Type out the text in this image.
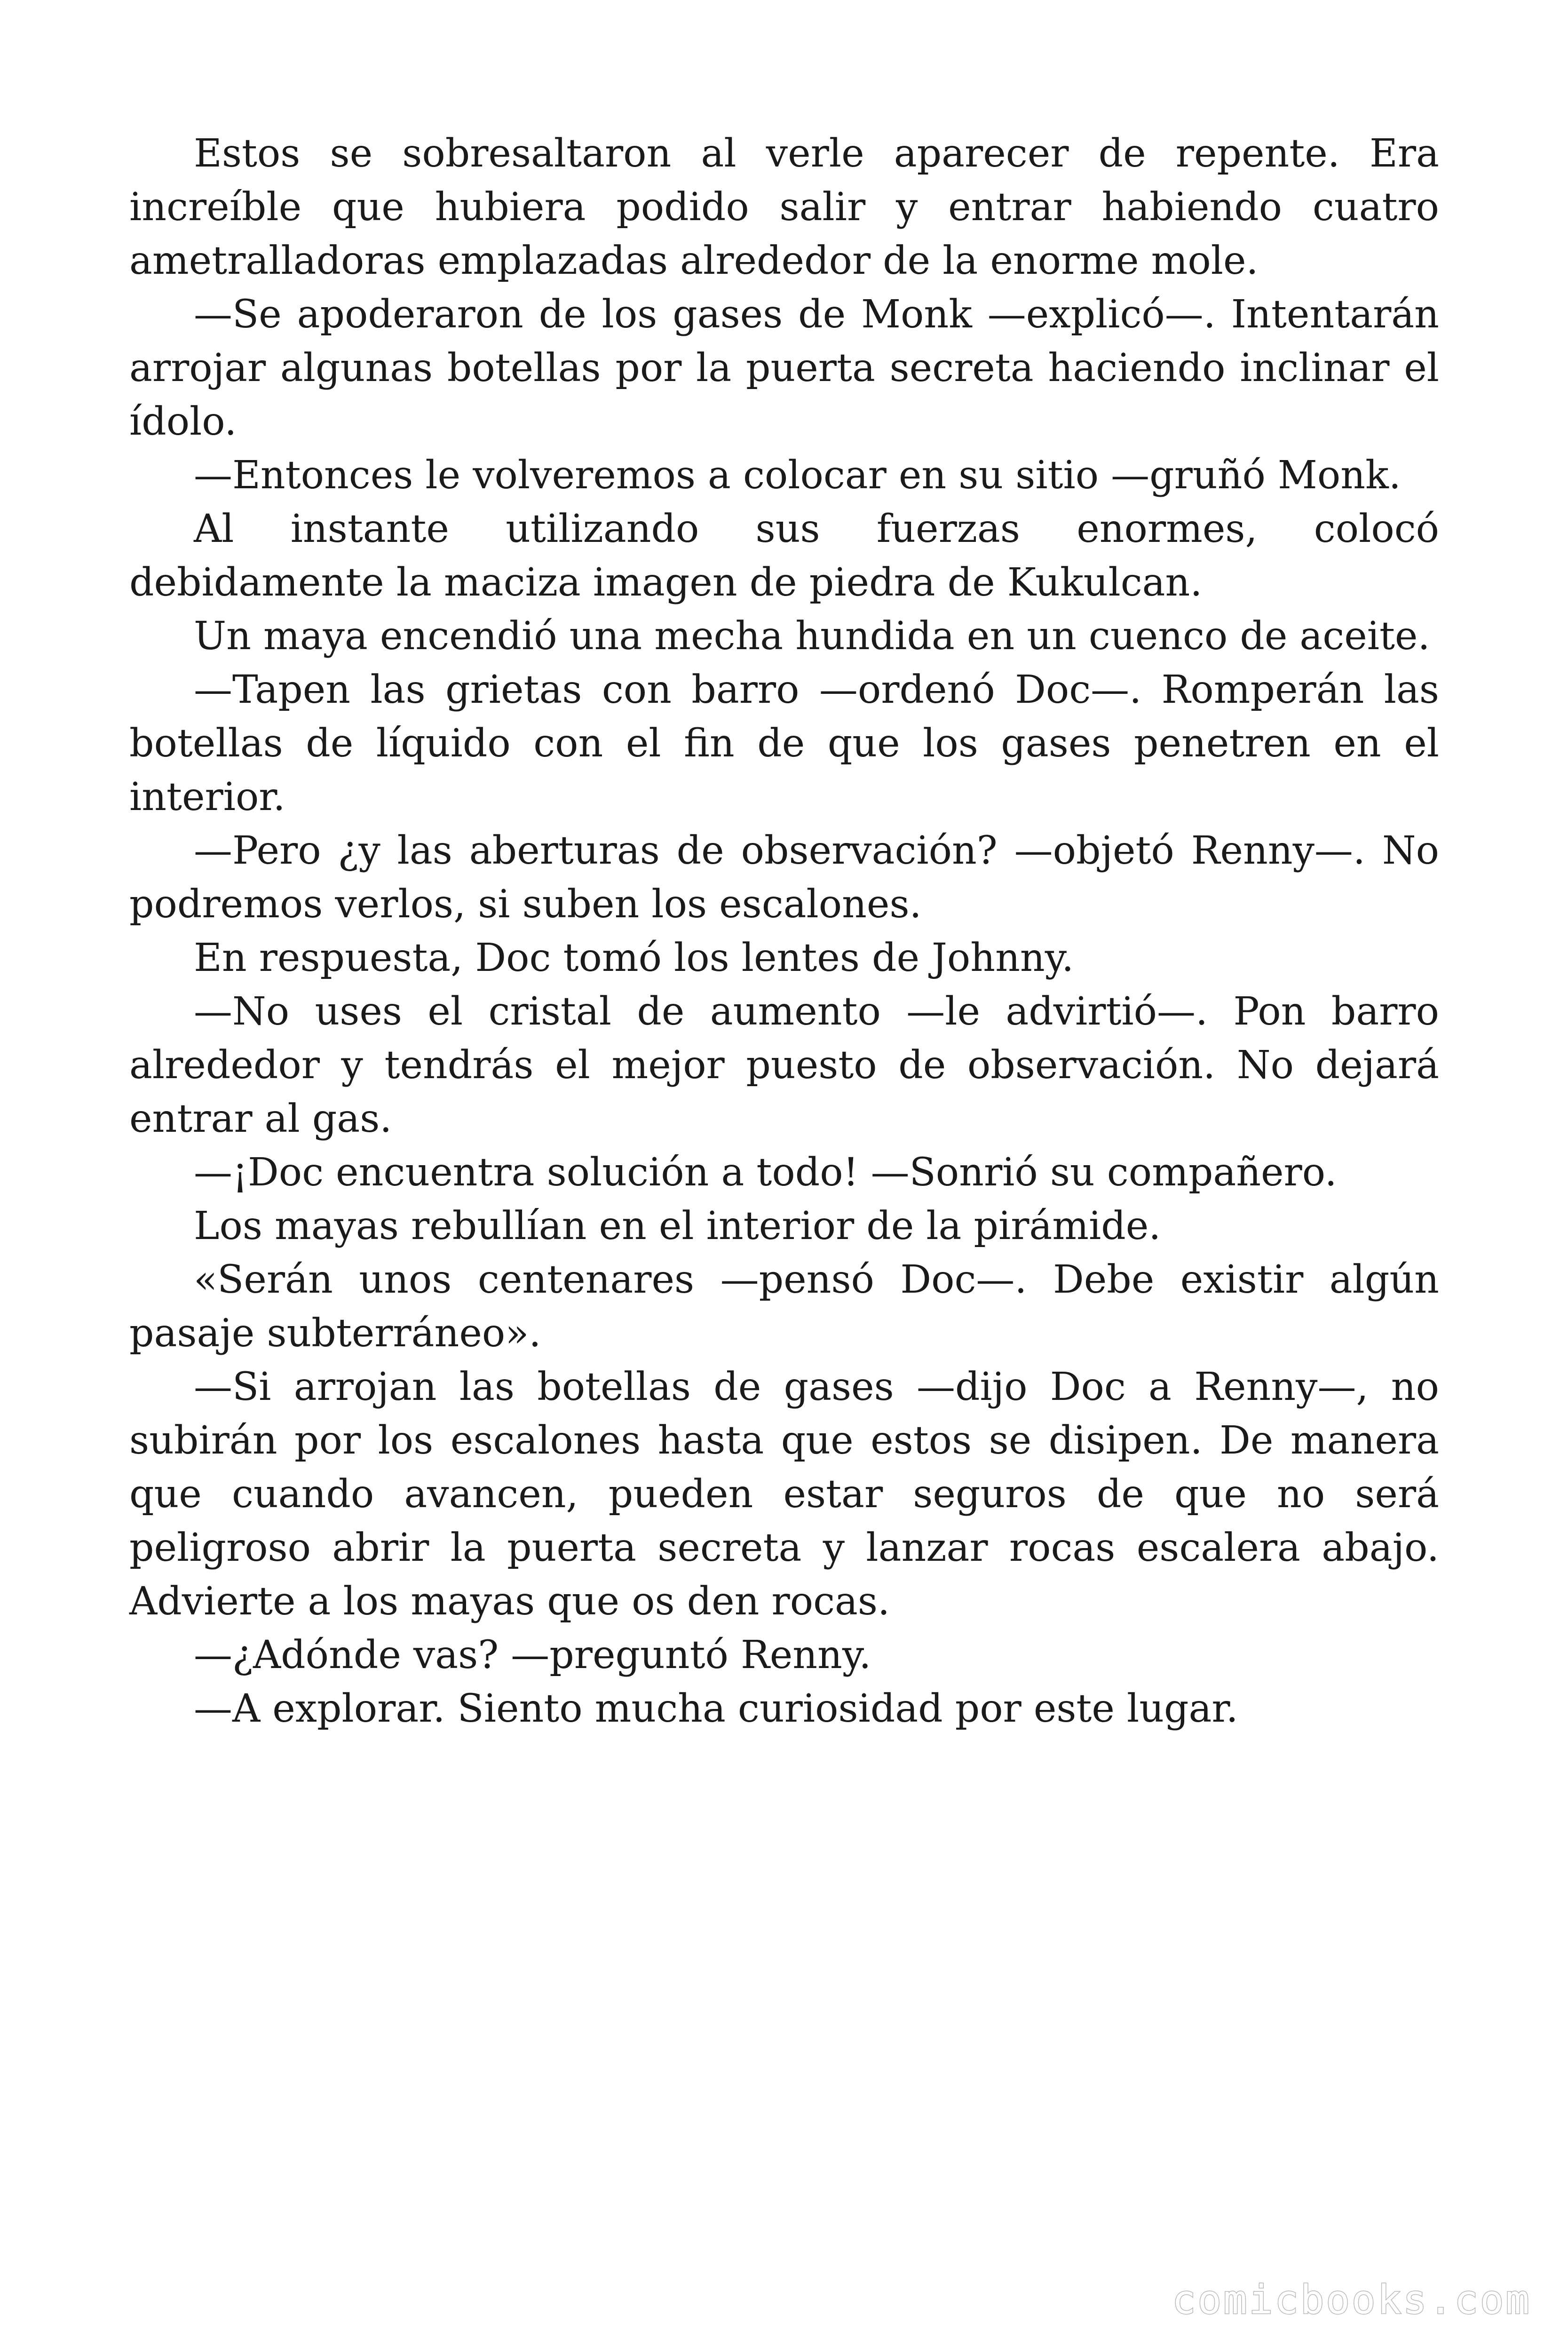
Estos se sobresaltaron al verle aparecer de repente. Era increíble que hubiera podido salir y entrar habiendo cuatro ametralladoras emplazadas alrededor de la enorme mole.

—Se apoderaron de los gases de Monk —explicó—. Intentarán arrojar algunas botellas por la puerta secreta haciendo inclinar el ídolo.

—Entonces le volveremos a colocar en su sitio —gruñó Monk.

Al instante utilizando sus fuerzas enormes, colocó debidamente la maciza imagen de piedra de Kukulcan.

Un maya encendió una mecha hundida en un cuenco de aceite.

—Tapen las grietas con barro —ordenó Doc—. Romperán las botellas de líquido con el fin de que los gases penetren en el interior.

—Pero ¿y las aberturas de observación? —objetó Renny—. No podremos verlos, si suben los escalones.

En respuesta, Doc tomó los lentes de Johnny.

—No uses el cristal de aumento —le advirtió—. Pon barro alrededor y tendrás el mejor puesto de observación. No dejará entrar al gas.

—¡Doc encuentra solución a todo! —Sonrió su compañero.

Los mayas rebullían en el interior de la pirámide.

«Serán unos centenares —pensó Doc—. Debe existir algún pasaje subterráneo».

—Si arrojan las botellas de gases —dijo Doc a Renny—, no subirán por los escalones hasta que estos se disipen. De manera que cuando avancen, pueden estar seguros de que no será peligroso abrir la puerta secreta y lanzar rocas escalera abajo. Advierte a los mayas que os den rocas.

—¿Adónde vas? —preguntó Renny.

—A explorar. Siento mucha curiosidad por este lugar.

comicbooks.com
